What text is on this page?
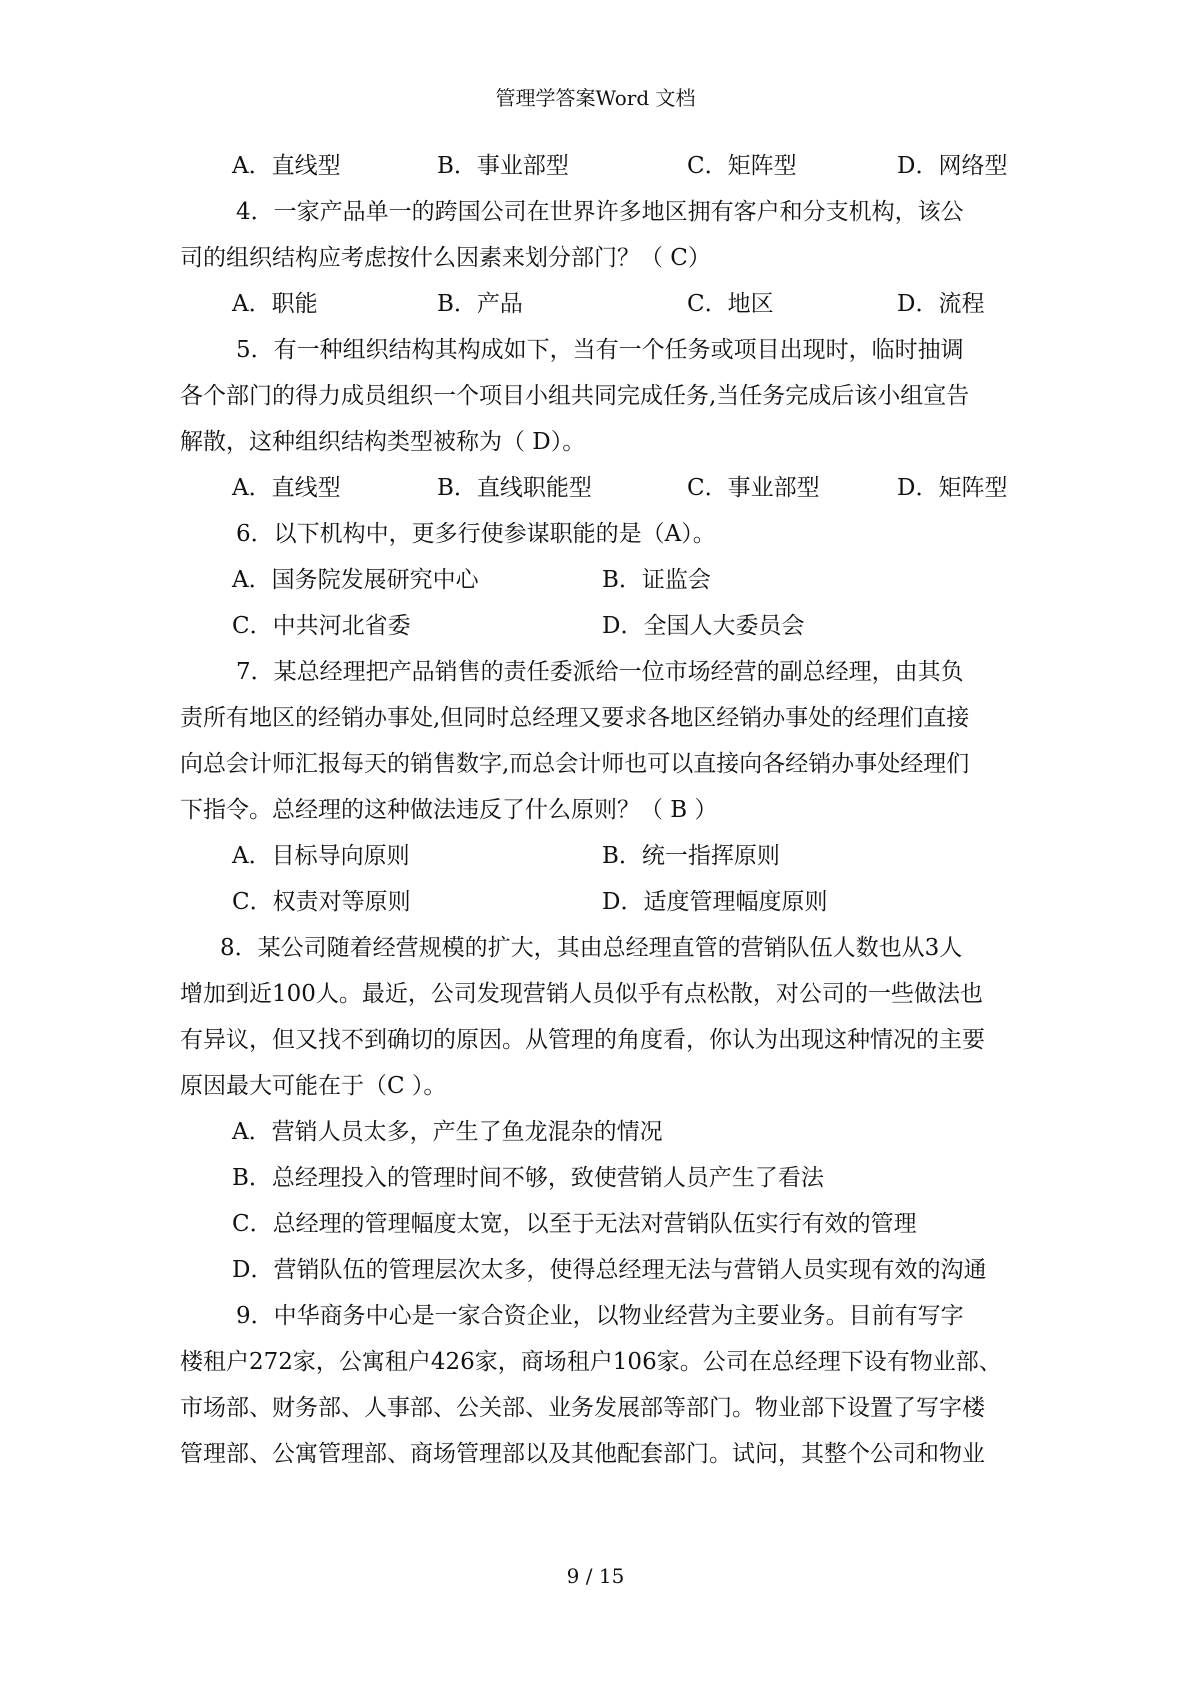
管理学答案Word 文档
A．直线型	B．事业部型	C．矩阵型	D．网络型
4．一家产品单一的跨国公司在世界许多地区拥有客户和分支机构，该公
司的组织结构应考虑按什么因素来划分部门？（ C）
A．职能	B．产品	C．地区	D．流程
5．有一种组织结构其构成如下，当有一个任务或项目出现时，临时抽调
各个部门的得力成员组织一个项目小组共同完成任务,当任务完成后该小组宣告
解散，这种组织结构类型被称为（ D）。
A．直线型	B．直线职能型	C．事业部型	D．矩阵型
6．以下机构中，更多行使参谋职能的是（A）。
A．国务院发展研究中心	B．证监会
C．中共河北省委	D．全国人大委员会
7．某总经理把产品销售的责任委派给一位市场经营的副总经理，由其负
责所有地区的经销办事处,但同时总经理又要求各地区经销办事处的经理们直接
向总会计师汇报每天的销售数字,而总会计师也可以直接向各经销办事处经理们
下指令。总经理的这种做法违反了什么原则？（ B ）
A．目标导向原则	B．统一指挥原则
C．权责对等原则	D．适度管理幅度原则
8．某公司随着经营规模的扩大，其由总经理直管的营销队伍人数也从3人
增加到近100人。最近，公司发现营销人员似乎有点松散，对公司的一些做法也
有异议，但又找不到确切的原因。从管理的角度看，你认为出现这种情况的主要
原因最大可能在于（C ）。
A．营销人员太多，产生了鱼龙混杂的情况
B．总经理投入的管理时间不够，致使营销人员产生了看法
C．总经理的管理幅度太宽，以至于无法对营销队伍实行有效的管理
D．营销队伍的管理层次太多，使得总经理无法与营销人员实现有效的沟通
9．中华商务中心是一家合资企业，以物业经营为主要业务。目前有写字
楼租户272家，公寓租户426家，商场租户106家。公司在总经理下设有物业部、
市场部、财务部、人事部、公关部、业务发展部等部门。物业部下设置了写字楼
管理部、公寓管理部、商场管理部以及其他配套部门。试问，其整个公司和物业
9 / 15
